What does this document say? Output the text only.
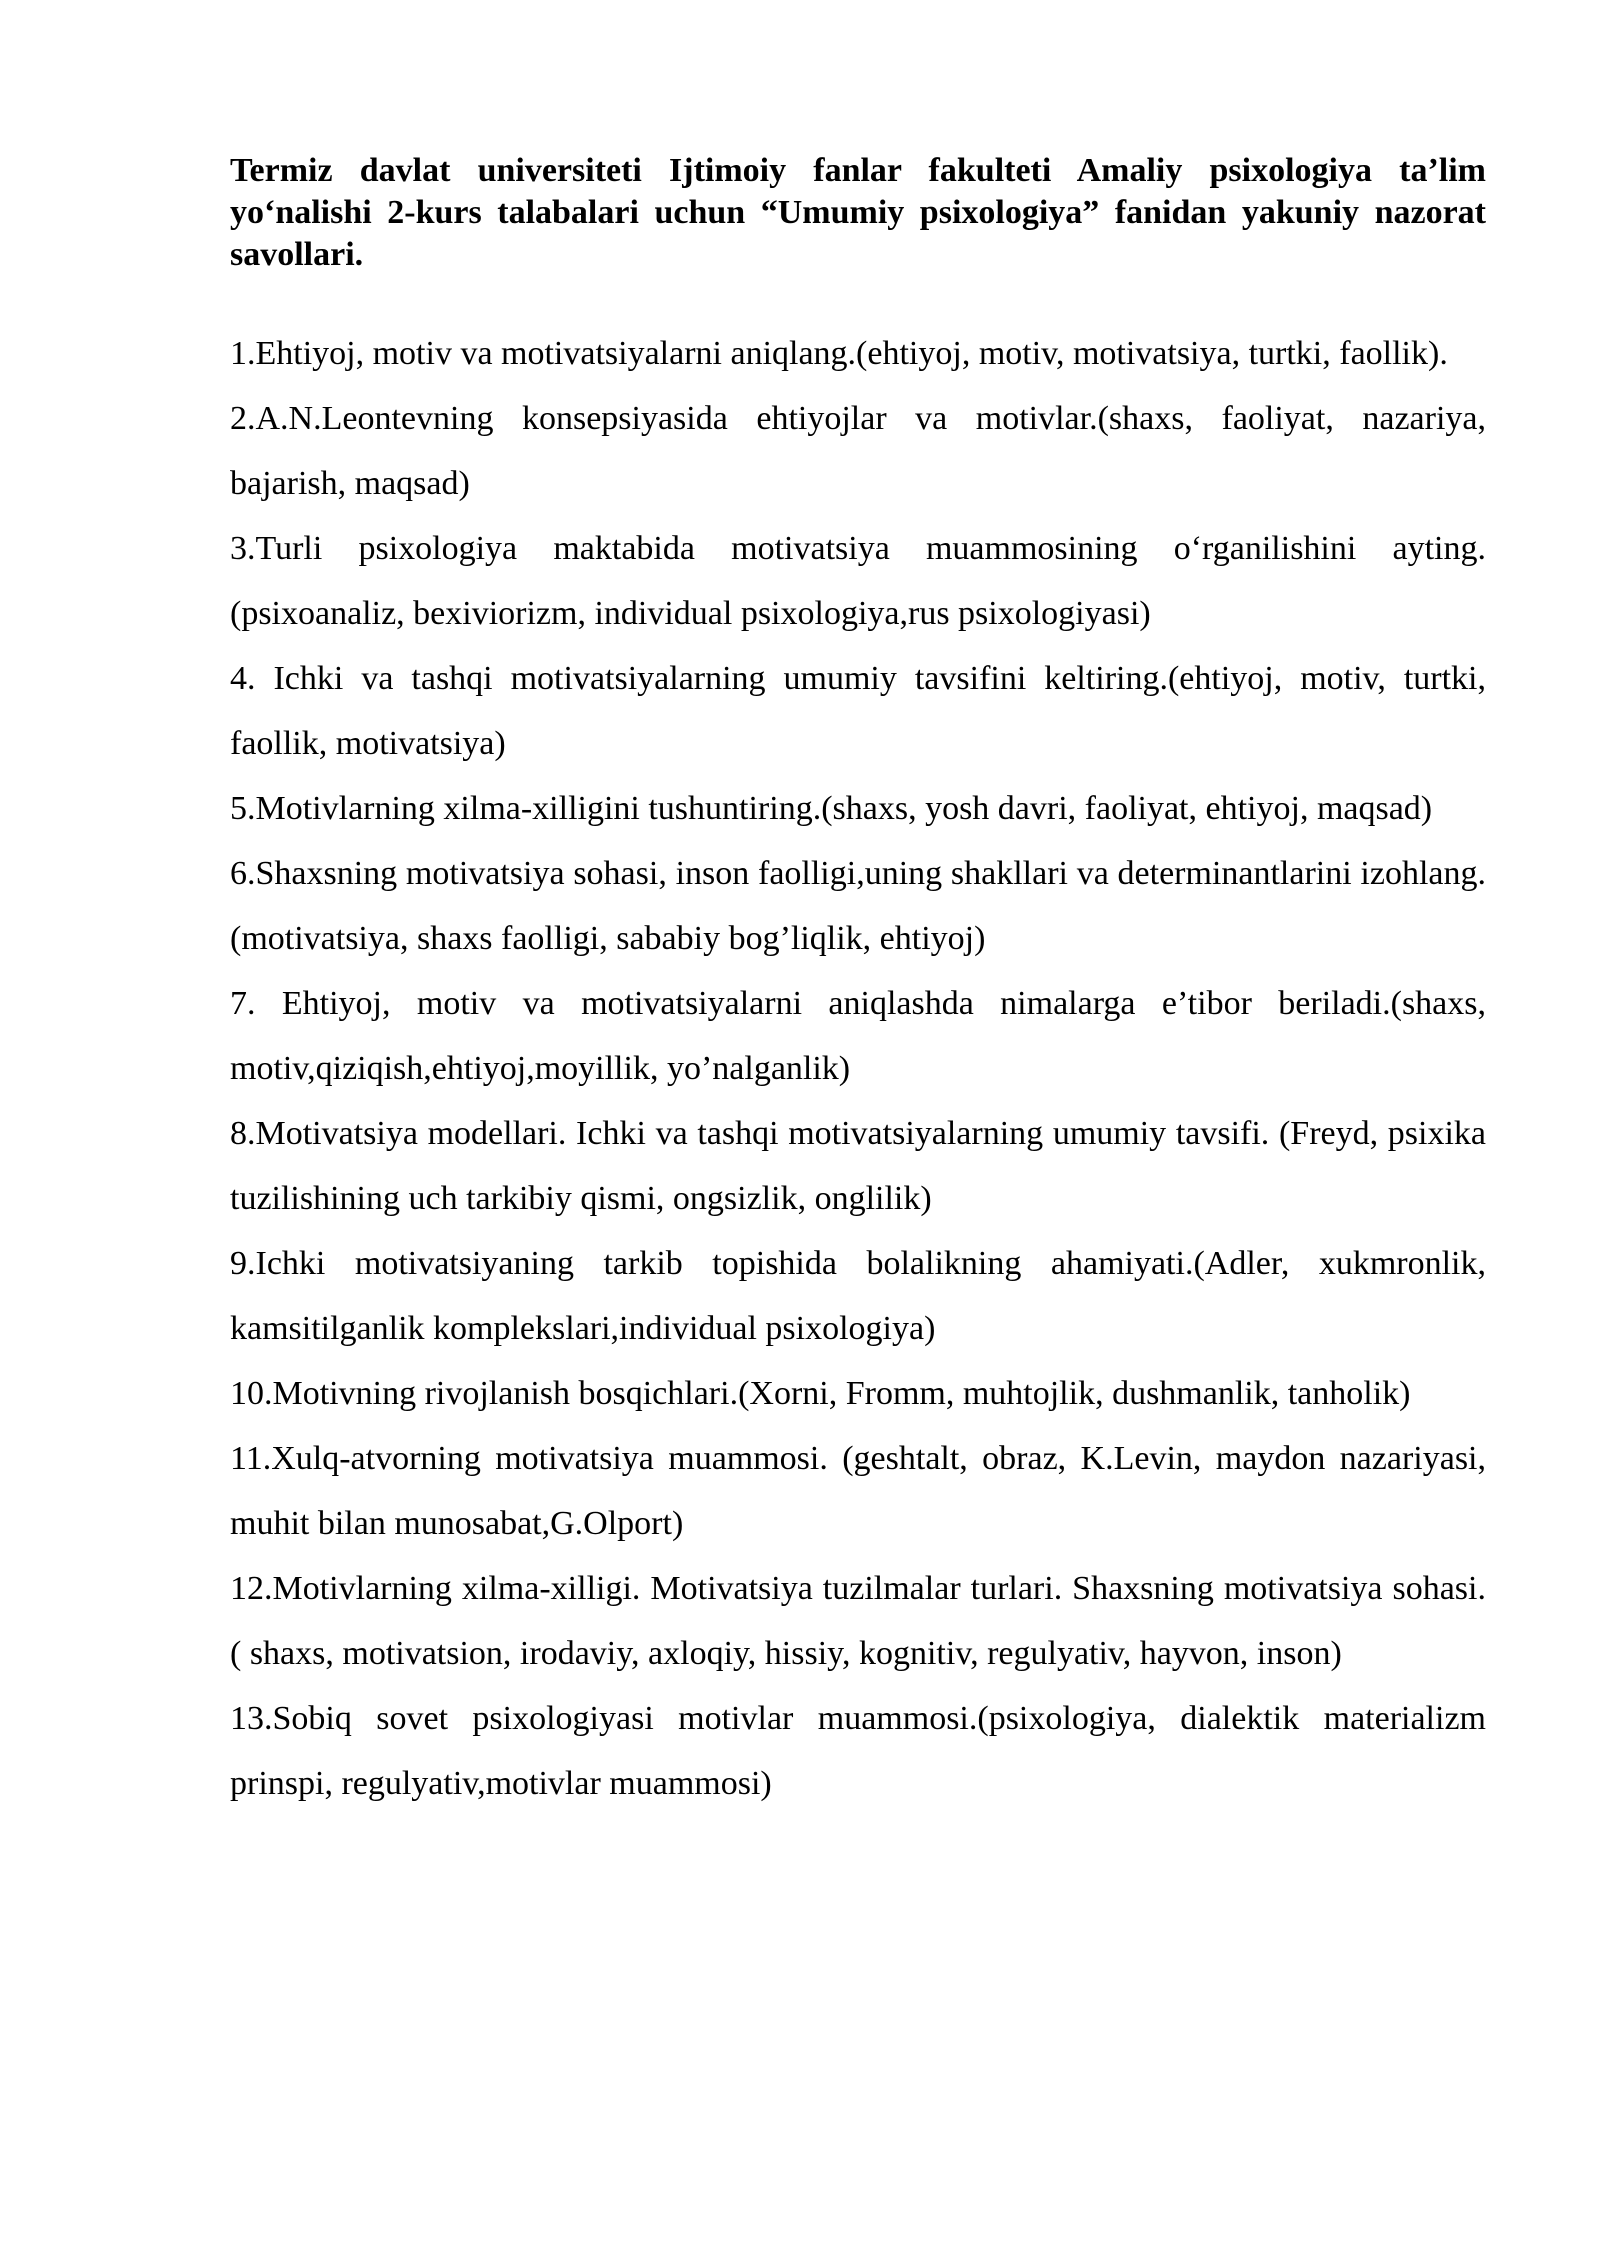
Termiz davlat universiteti Ijtimoiy fanlar fakulteti Amaliy psixologiya ta’lim yo‘nalishi 2-kurs talabalari uchun “Umumiy psixologiya” fanidan yakuniy nazorat savollari.

1.Ehtiyoj, motiv va motivatsiyalarni aniqlang.(ehtiyoj, motiv, motivatsiya, turtki, faollik).

2.A.N.Leontevning konsepsiyasida ehtiyojlar va motivlar.(shaxs, faoliyat, nazariya, bajarish, maqsad)

3.Turli psixologiya maktabida motivatsiya muammosining o‘rganilishini ayting. (psixoanaliz, bexiviorizm, individual psixologiya,rus psixologiyasi)

4. Ichki va tashqi motivatsiyalarning umumiy tavsifini keltiring.(ehtiyoj, motiv, turtki, faollik, motivatsiya)

5.Motivlarning xilma-xilligini tushuntiring.(shaxs, yosh davri, faoliyat, ehtiyoj, maqsad)

6.Shaxsning motivatsiya sohasi, inson faolligi,uning shakllari va determinantlarini izohlang.(motivatsiya, shaxs faolligi, sababiy bog’liqlik, ehtiyoj)

7. Ehtiyoj, motiv va motivatsiyalarni aniqlashda nimalarga e’tibor beriladi.(shaxs, motiv,qiziqish,ehtiyoj,moyillik, yo’nalganlik)

8.Motivatsiya modellari. Ichki va tashqi motivatsiyalarning umumiy tavsifi. (Freyd, psixika tuzilishining uch tarkibiy qismi, ongsizlik, onglilik)

9.Ichki motivatsiyaning tarkib topishida bolalikning ahamiyati.(Adler, xukmronlik, kamsitilganlik komplekslari,individual psixologiya)

10.Motivning rivojlanish bosqichlari.(Xorni, Fromm, muhtojlik, dushmanlik, tanholik)

11.Xulq-atvorning motivatsiya muammosi. (geshtalt, obraz, K.Levin, maydon nazariyasi, muhit bilan munosabat,G.Olport)

12.Motivlarning xilma-xilligi. Motivatsiya tuzilmalar turlari. Shaxsning motivatsiya sohasi.( shaxs, motivatsion, irodaviy, axloqiy, hissiy, kognitiv, regulyativ, hayvon, inson)

13.Sobiq sovet psixologiyasi motivlar muammosi.(psixologiya, dialektik materializm prinspi, regulyativ,motivlar muammosi)
